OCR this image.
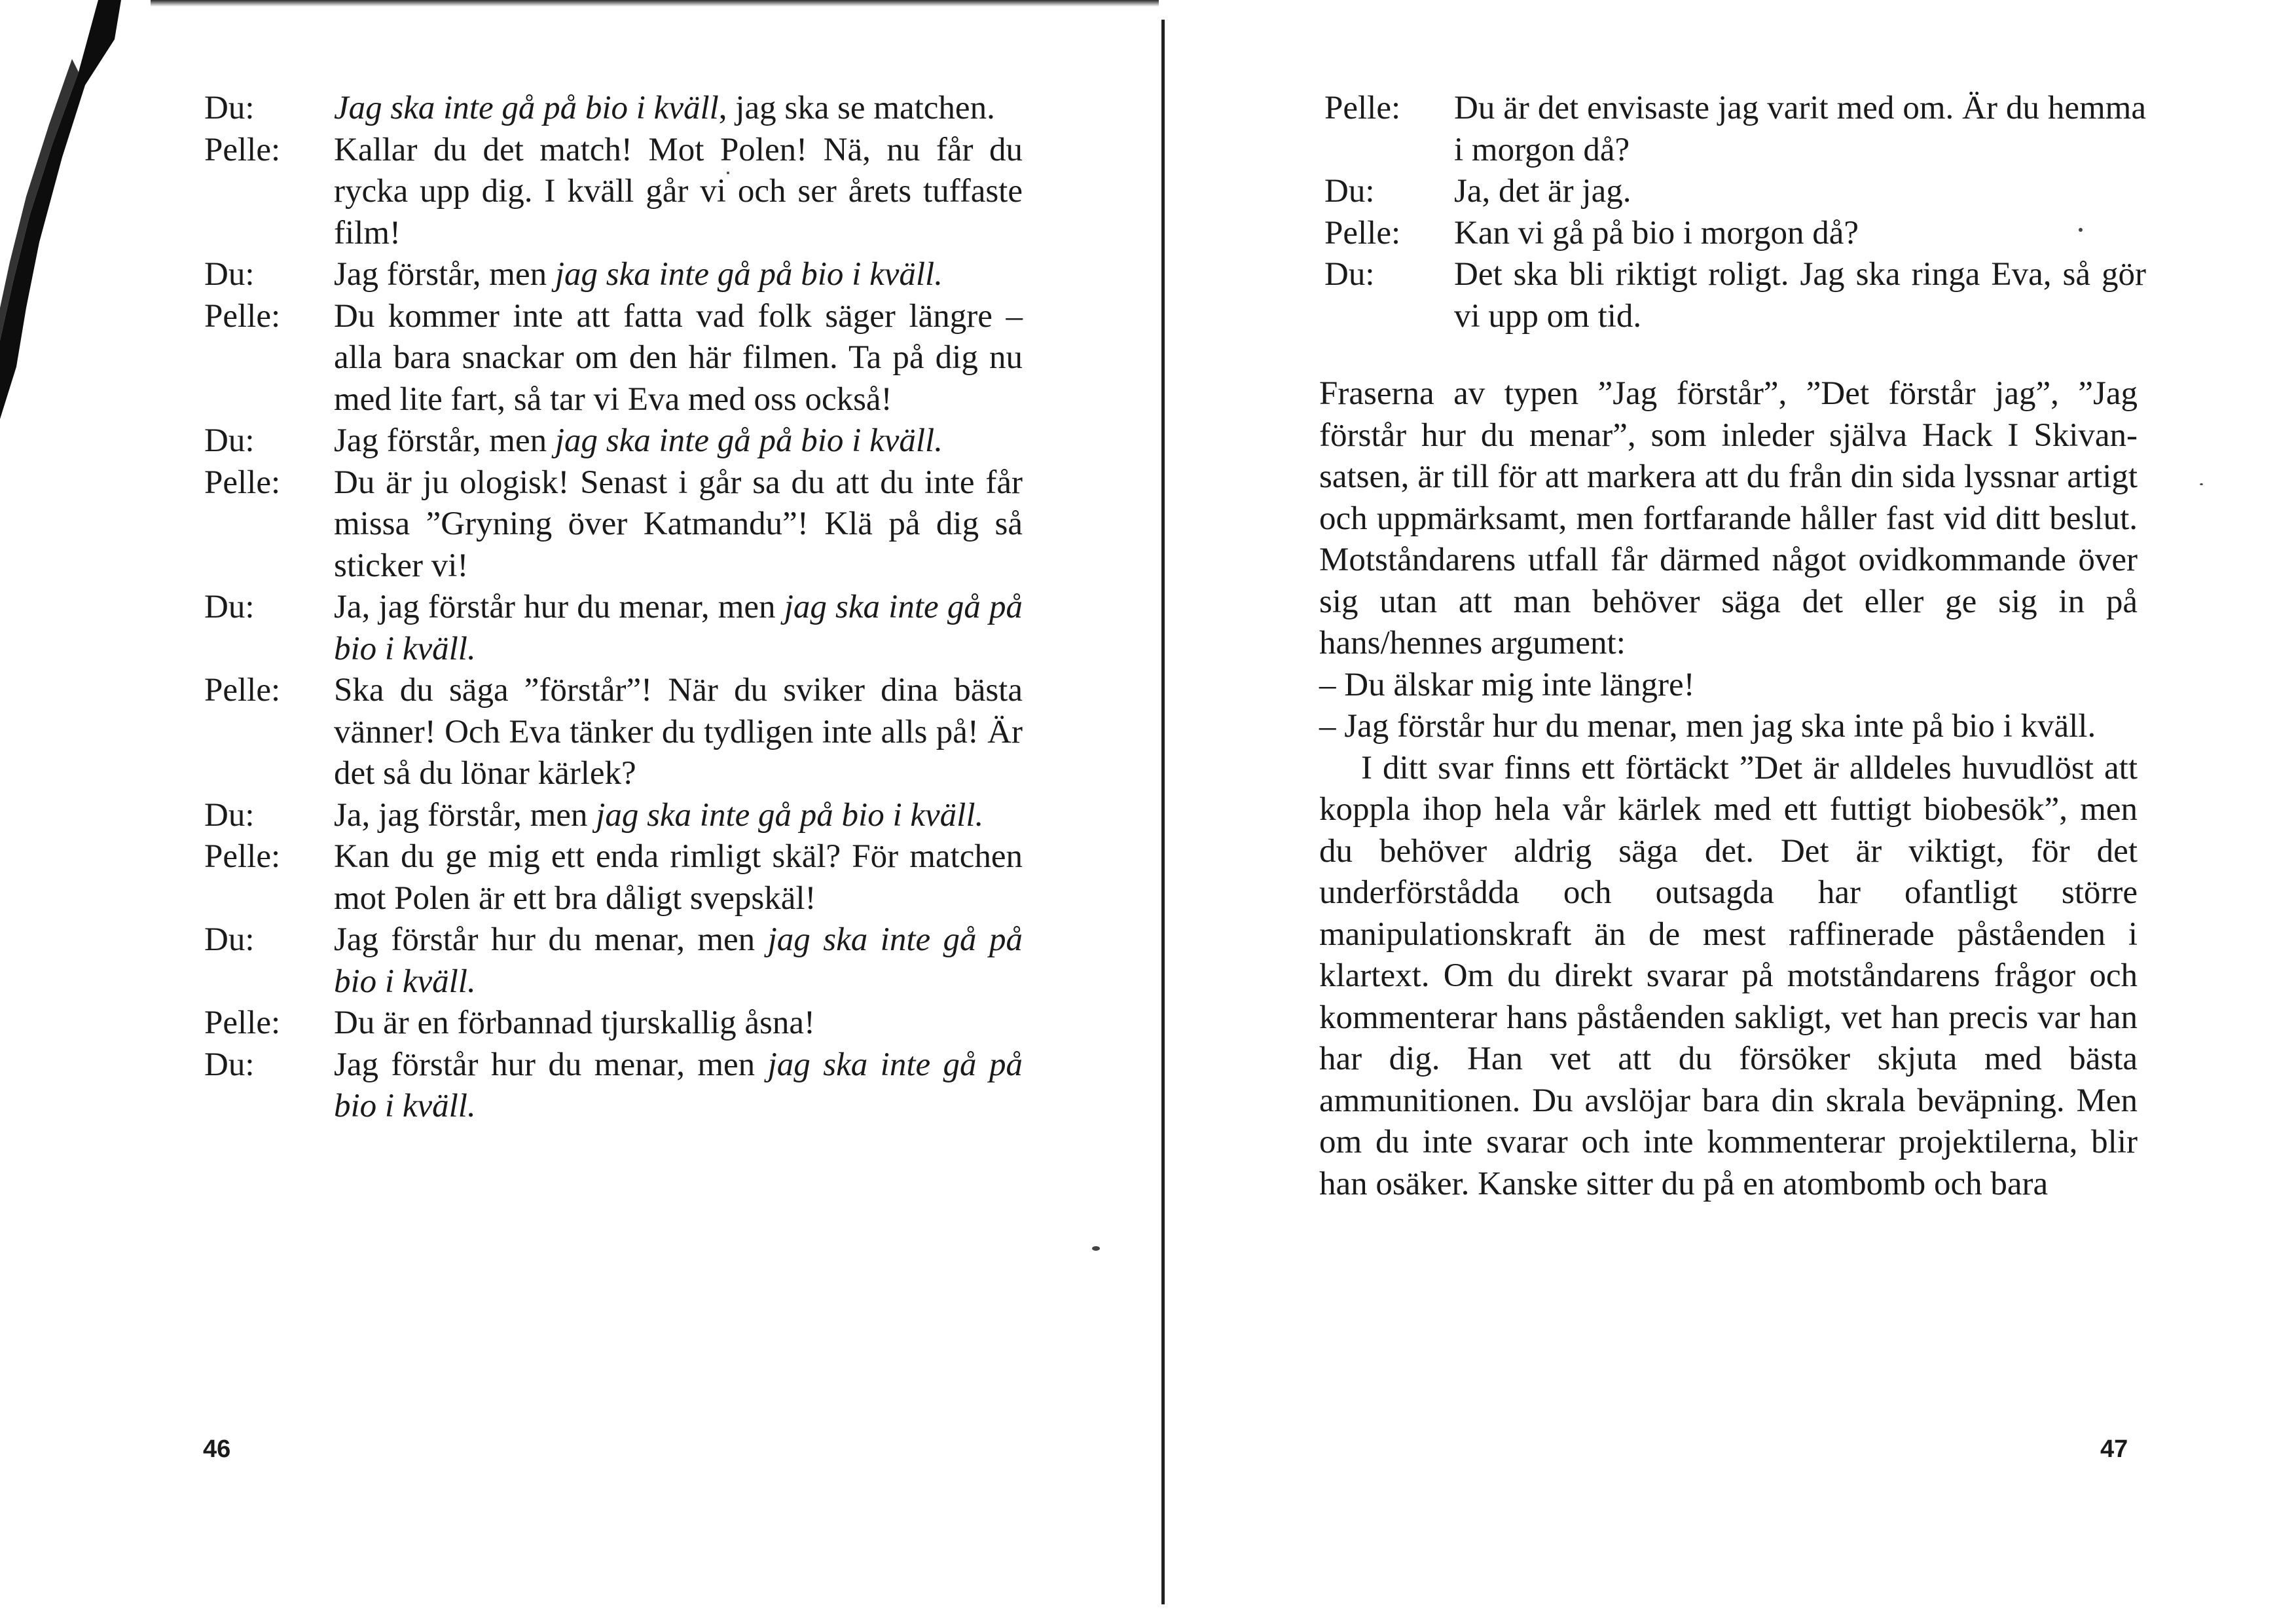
Du:	Jag ska inte gå på bio i kväll, jag ska se matchen.
Pelle:	Kallar du det match! Mot Polen! Nä, nu får du rycka upp dig. I kväll går vi och ser årets tuffaste film!
Du:	Jag förstår, men jag ska inte gå på bio i kväll.
Pelle:	Du kommer inte att fatta vad folk säger längre – alla bara snackar om den här filmen. Ta på dig nu med lite fart, så tar vi Eva med oss också!
Du:	Jag förstår, men jag ska inte gå på bio i kväll.
Pelle:	Du är ju ologisk! Senast i går sa du att du inte får missa ”Gryning över Katmandu”! Klä på dig så sticker vi!
Du:	Ja, jag förstår hur du menar, men jag ska inte gå på bio i kväll.
Pelle:	Ska du säga ”förstår”! När du sviker dina bästa vänner! Och Eva tänker du tydligen inte alls på! Är det så du lönar kärlek?
Du:	Ja, jag förstår, men jag ska inte gå på bio i kväll.
Pelle:	Kan du ge mig ett enda rimligt skäl? För matchen mot Polen är ett bra dåligt svepskäl!
Du:	Jag förstår hur du menar, men jag ska inte gå på bio i kväll.
Pelle:	Du är en förbannad tjurskallig åsna!
Du:	Jag förstår hur du menar, men jag ska inte gå på bio i kväll.
46
Pelle:	Du är det envisaste jag varit med om. Är du hemma i morgon då?
Du:	Ja, det är jag.
Pelle:	Kan vi gå på bio i morgon då?
Du:	Det ska bli riktigt roligt. Jag ska ringa Eva, så gör vi upp om tid.

Fraserna av typen ”Jag förstår”, ”Det förstår jag”, ”Jag förstår hur du menar”, som inleder själva Hack I Skivan-satsen, är till för att markera att du från din sida lyssnar artigt och uppmärksamt, men fortfarande håller fast vid ditt beslut. Motståndarens utfall får därmed något ovidkommande över sig utan att man behöver säga det eller ge sig in på hans/hennes argument:

– Du älskar mig inte längre!

– Jag förstår hur du menar, men jag ska inte på bio i kväll.

I ditt svar finns ett förtäckt ”Det är alldeles huvudlöst att koppla ihop hela vår kärlek med ett futtigt biobesök”, men du behöver aldrig säga det. Det är viktigt, för det underförstådda och outsagda har ofantligt större manipulationskraft än de mest raffinerade påståenden i klartext. Om du direkt svarar på motståndarens frågor och kommenterar hans påståenden sakligt, vet han precis var han har dig. Han vet att du försöker skjuta med bästa ammunitionen. Du avslöjar bara din skrala beväpning. Men om du inte svarar och inte kommenterar projektilerna, blir han osäker. Kanske sitter du på en atombomb och bara

47
